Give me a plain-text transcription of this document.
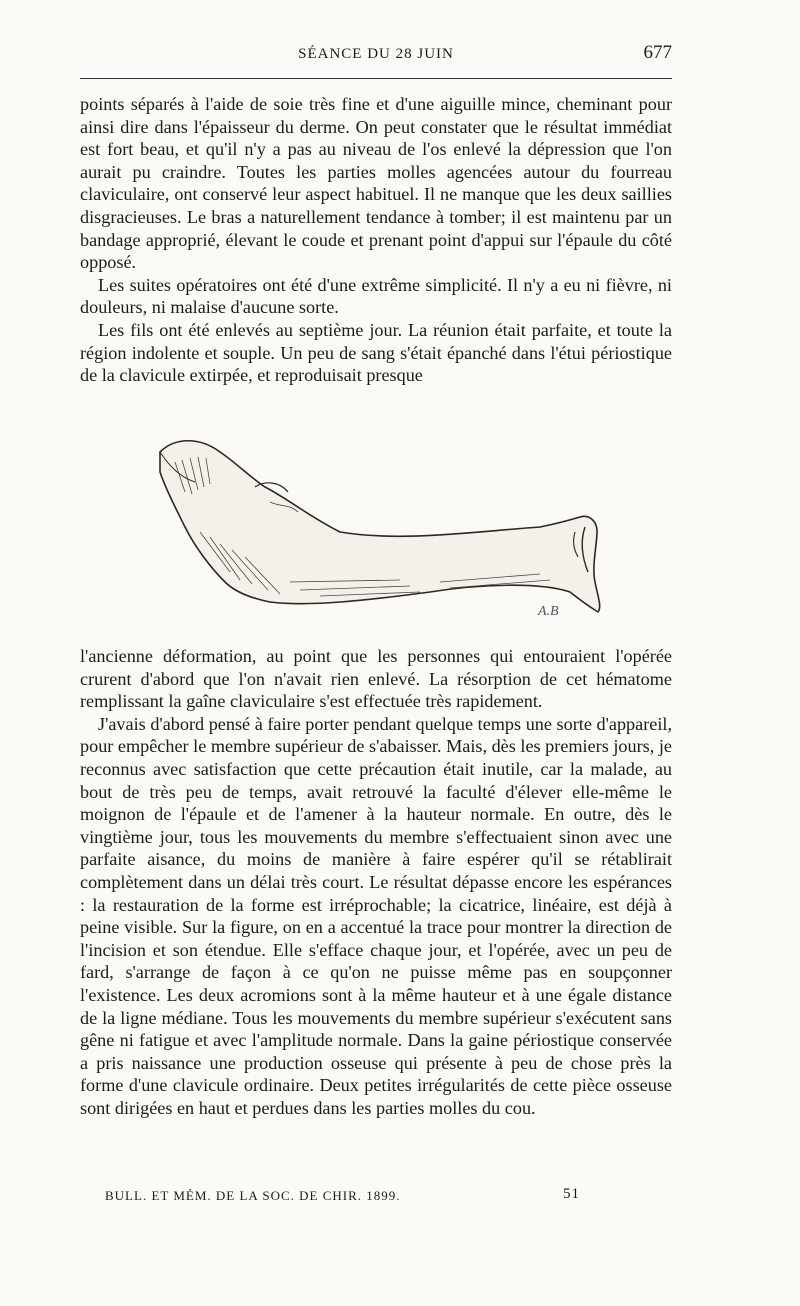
SÉANCE DU 28 JUIN	677

points séparés à l'aide de soie très fine et d'une aiguille mince, cheminant pour ainsi dire dans l'épaisseur du derme. On peut constater que le résultat immédiat est fort beau, et qu'il n'y a pas au niveau de l'os enlevé la dépression que l'on aurait pu craindre. Toutes les parties molles agencées autour du fourreau claviculaire, ont conservé leur aspect habituel. Il ne manque que les deux saillies disgracieuses. Le bras a naturellement tendance à tomber; il est maintenu par un bandage approprié, élevant le coude et prenant point d'appui sur l'épaule du côté opposé.

Les suites opératoires ont été d'une extrême simplicité. Il n'y a eu ni fièvre, ni douleurs, ni malaise d'aucune sorte.

Les fils ont été enlevés au septième jour. La réunion était parfaite, et toute la région indolente et souple. Un peu de sang s'était épanché dans l'étui périostique de la clavicule extirpée, et reproduisait presque

A.B

l'ancienne déformation, au point que les personnes qui entouraient l'opérée crurent d'abord que l'on n'avait rien enlevé. La résorption de cet hématome remplissant la gaîne claviculaire s'est effectuée très rapidement.

J'avais d'abord pensé à faire porter pendant quelque temps une sorte d'appareil, pour empêcher le membre supérieur de s'abaisser. Mais, dès les premiers jours, je reconnus avec satisfaction que cette précaution était inutile, car la malade, au bout de très peu de temps, avait retrouvé la faculté d'élever elle-même le moignon de l'épaule et de l'amener à la hauteur normale. En outre, dès le vingtième jour, tous les mouvements du membre s'effectuaient sinon avec une parfaite aisance, du moins de manière à faire espérer qu'il se rétablirait complètement dans un délai très court. Le résultat dépasse encore les espérances : la restauration de la forme est irréprochable; la cicatrice, linéaire, est déjà à peine visible. Sur la figure, on en a accentué la trace pour montrer la direction de l'incision et son étendue. Elle s'efface chaque jour, et l'opérée, avec un peu de fard, s'arrange de façon à ce qu'on ne puisse même pas en soupçonner l'existence. Les deux acromions sont à la même hauteur et à une égale distance de la ligne médiane. Tous les mouvements du membre supérieur s'exécutent sans gêne ni fatigue et avec l'amplitude normale. Dans la gaine périostique conservée a pris naissance une production osseuse qui présente à peu de chose près la forme d'une clavicule ordinaire. Deux petites irrégularités de cette pièce osseuse sont dirigées en haut et perdues dans les parties molles du cou.

BULL. ET MÉM. DE LA SOC. DE CHIR. 1899.	51
